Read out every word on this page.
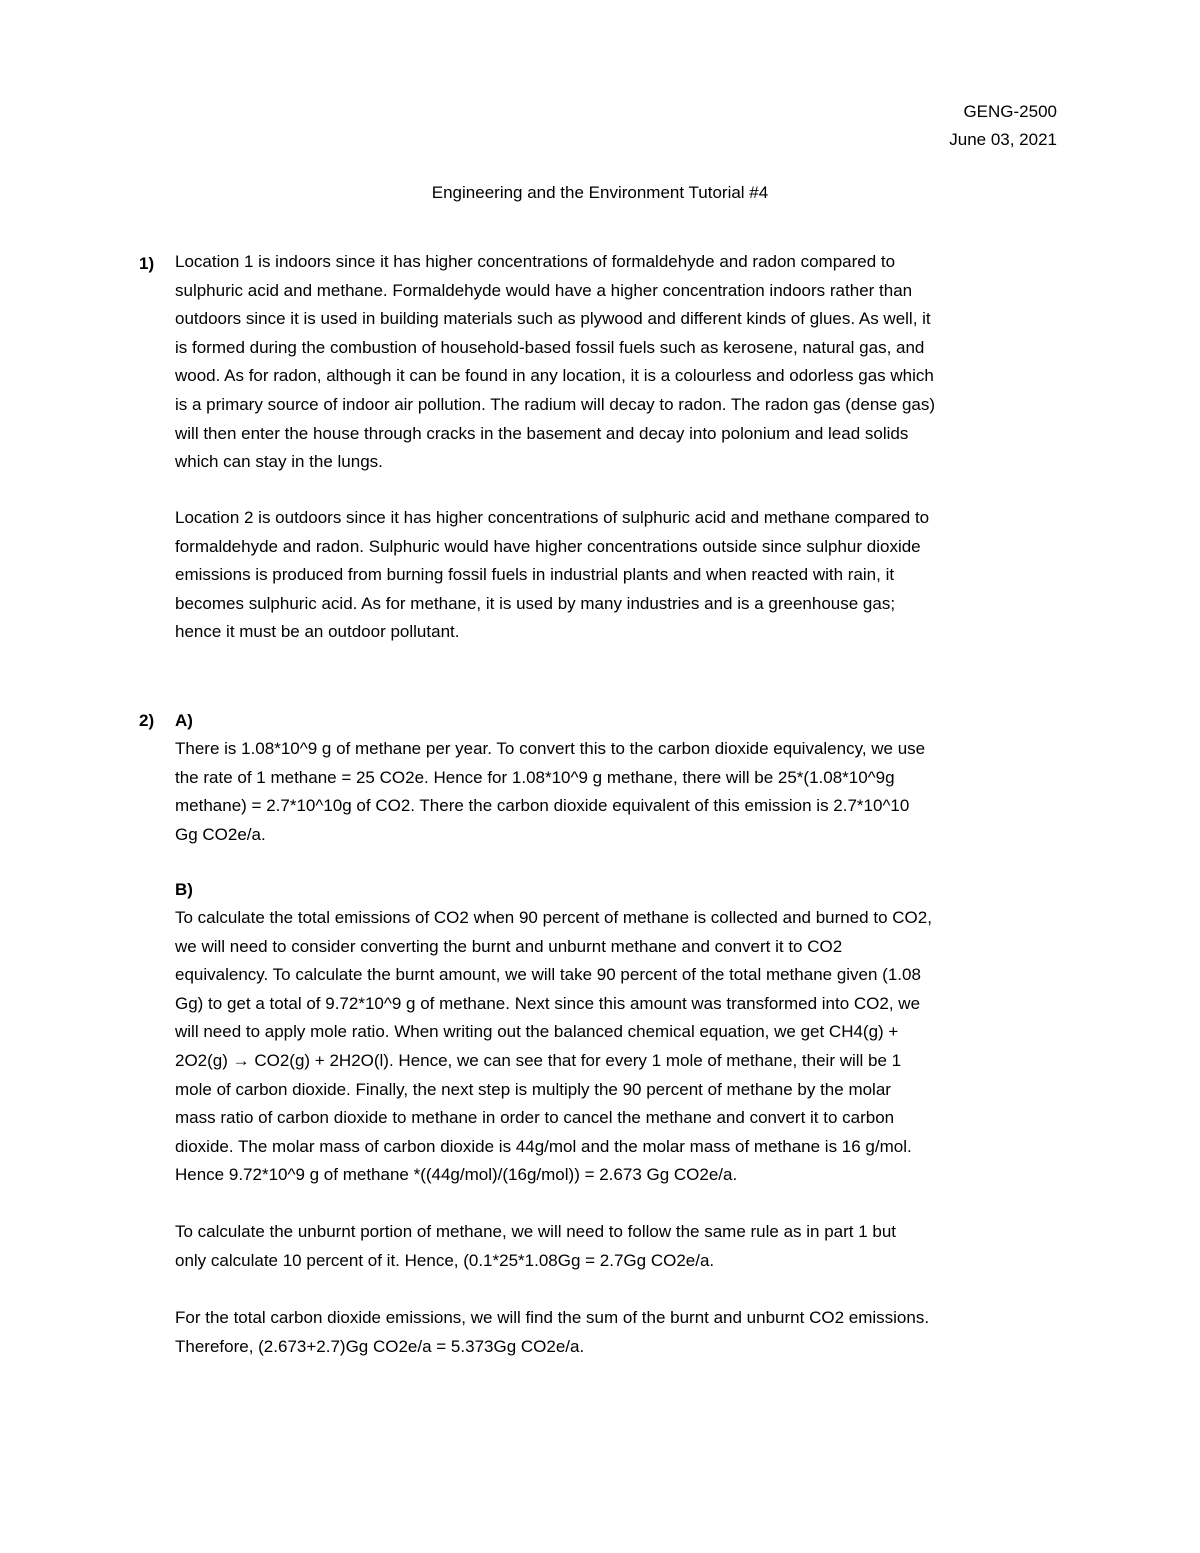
GENG-2500
June 03, 2021
Engineering and the Environment Tutorial #4
1) Location 1 is indoors since it has higher concentrations of formaldehyde and radon compared to
sulphuric acid and methane. Formaldehyde would have a higher concentration indoors rather than
outdoors since it is used in building materials such as plywood and different kinds of glues. As well, it
is formed during the combustion of household-based fossil fuels such as kerosene, natural gas, and
wood. As for radon, although it can be found in any location, it is a colourless and odorless gas which
is a primary source of indoor air pollution. The radium will decay to radon. The radon gas (dense gas)
will then enter the house through cracks in the basement and decay into polonium and lead solids
which can stay in the lungs.
Location 2 is outdoors since it has higher concentrations of sulphuric acid and methane compared to
formaldehyde and radon. Sulphuric would have higher concentrations outside since sulphur dioxide
emissions is produced from burning fossil fuels in industrial plants and when reacted with rain, it
becomes sulphuric acid. As for methane, it is used by many industries and is a greenhouse gas;
hence it must be an outdoor pollutant.
2) A)
There is 1.08*10^9 g of methane per year. To convert this to the carbon dioxide equivalency, we use
the rate of 1 methane = 25 CO2e. Hence for 1.08*10^9 g methane, there will be 25*(1.08*10^9g
methane) = 2.7*10^10g of CO2. There the carbon dioxide equivalent of this emission is 2.7*10^10
Gg CO2e/a.
B)
To calculate the total emissions of CO2 when 90 percent of methane is collected and burned to CO2,
we will need to consider converting the burnt and unburnt methane and convert it to CO2
equivalency. To calculate the burnt amount, we will take 90 percent of the total methane given (1.08
Gg) to get a total of 9.72*10^9 g of methane. Next since this amount was transformed into CO2, we
will need to apply mole ratio. When writing out the balanced chemical equation, we get CH4(g) +
2O2(g) → CO2(g) + 2H2O(l). Hence, we can see that for every 1 mole of methane, their will be 1
mole of carbon dioxide. Finally, the next step is multiply the 90 percent of methane by the molar
mass ratio of carbon dioxide to methane in order to cancel the methane and convert it to carbon
dioxide. The molar mass of carbon dioxide is 44g/mol and the molar mass of methane is 16 g/mol.
Hence 9.72*10^9 g of methane *((44g/mol)/(16g/mol)) = 2.673 Gg CO2e/a.
To calculate the unburnt portion of methane, we will need to follow the same rule as in part 1 but
only calculate 10 percent of it. Hence, (0.1*25*1.08Gg = 2.7Gg CO2e/a.
For the total carbon dioxide emissions, we will find the sum of the burnt and unburnt CO2 emissions.
Therefore, (2.673+2.7)Gg CO2e/a = 5.373Gg CO2e/a.
